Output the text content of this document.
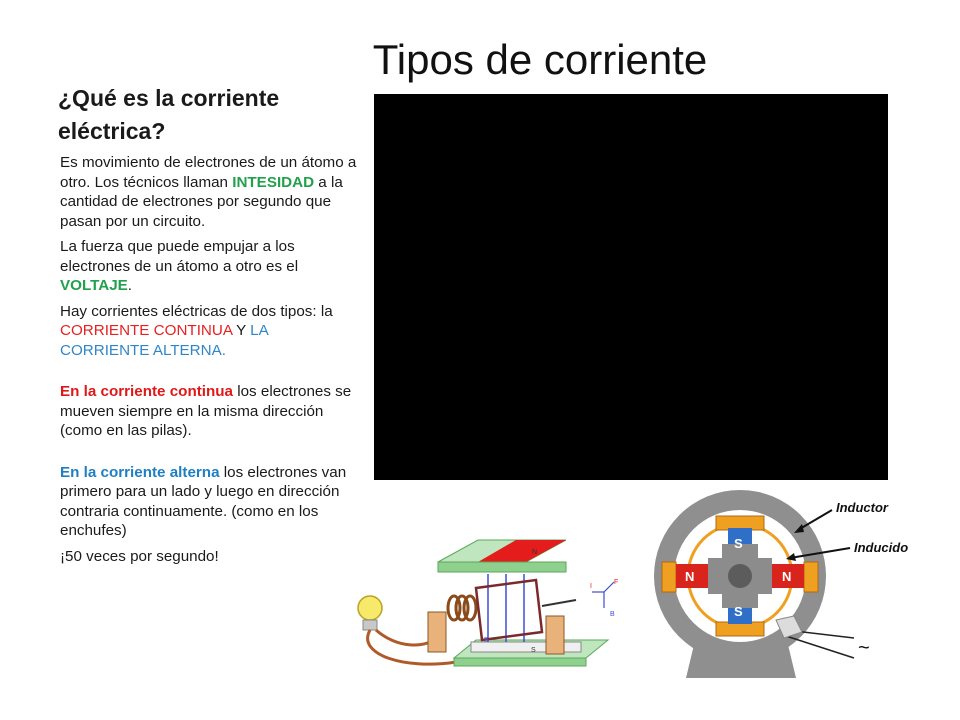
Tipos de corriente
¿Qué es la corriente eléctrica?

Es movimiento de electrones de un átomo a otro. Los técnicos llaman INTESIDAD a la cantidad de electrones por segundo que pasan por un circuito.

La fuerza que puede empujar a los electrones de un átomo a otro es el VOLTAJE.

Hay corrientes eléctricas de dos tipos: la CORRIENTE CONTINUA Y LA CORRIENTE ALTERNA.

En la corriente continua los electrones se mueven siempre en la misma dirección (como en las pilas).

En la corriente alterna los electrones van primero para un lado y luego en dirección contraria continuamente. (como en los enchufes)

¡50 veces por segundo!

B
S
N
B
F
I
S
S
N	N
Inductor
Inducido
~
